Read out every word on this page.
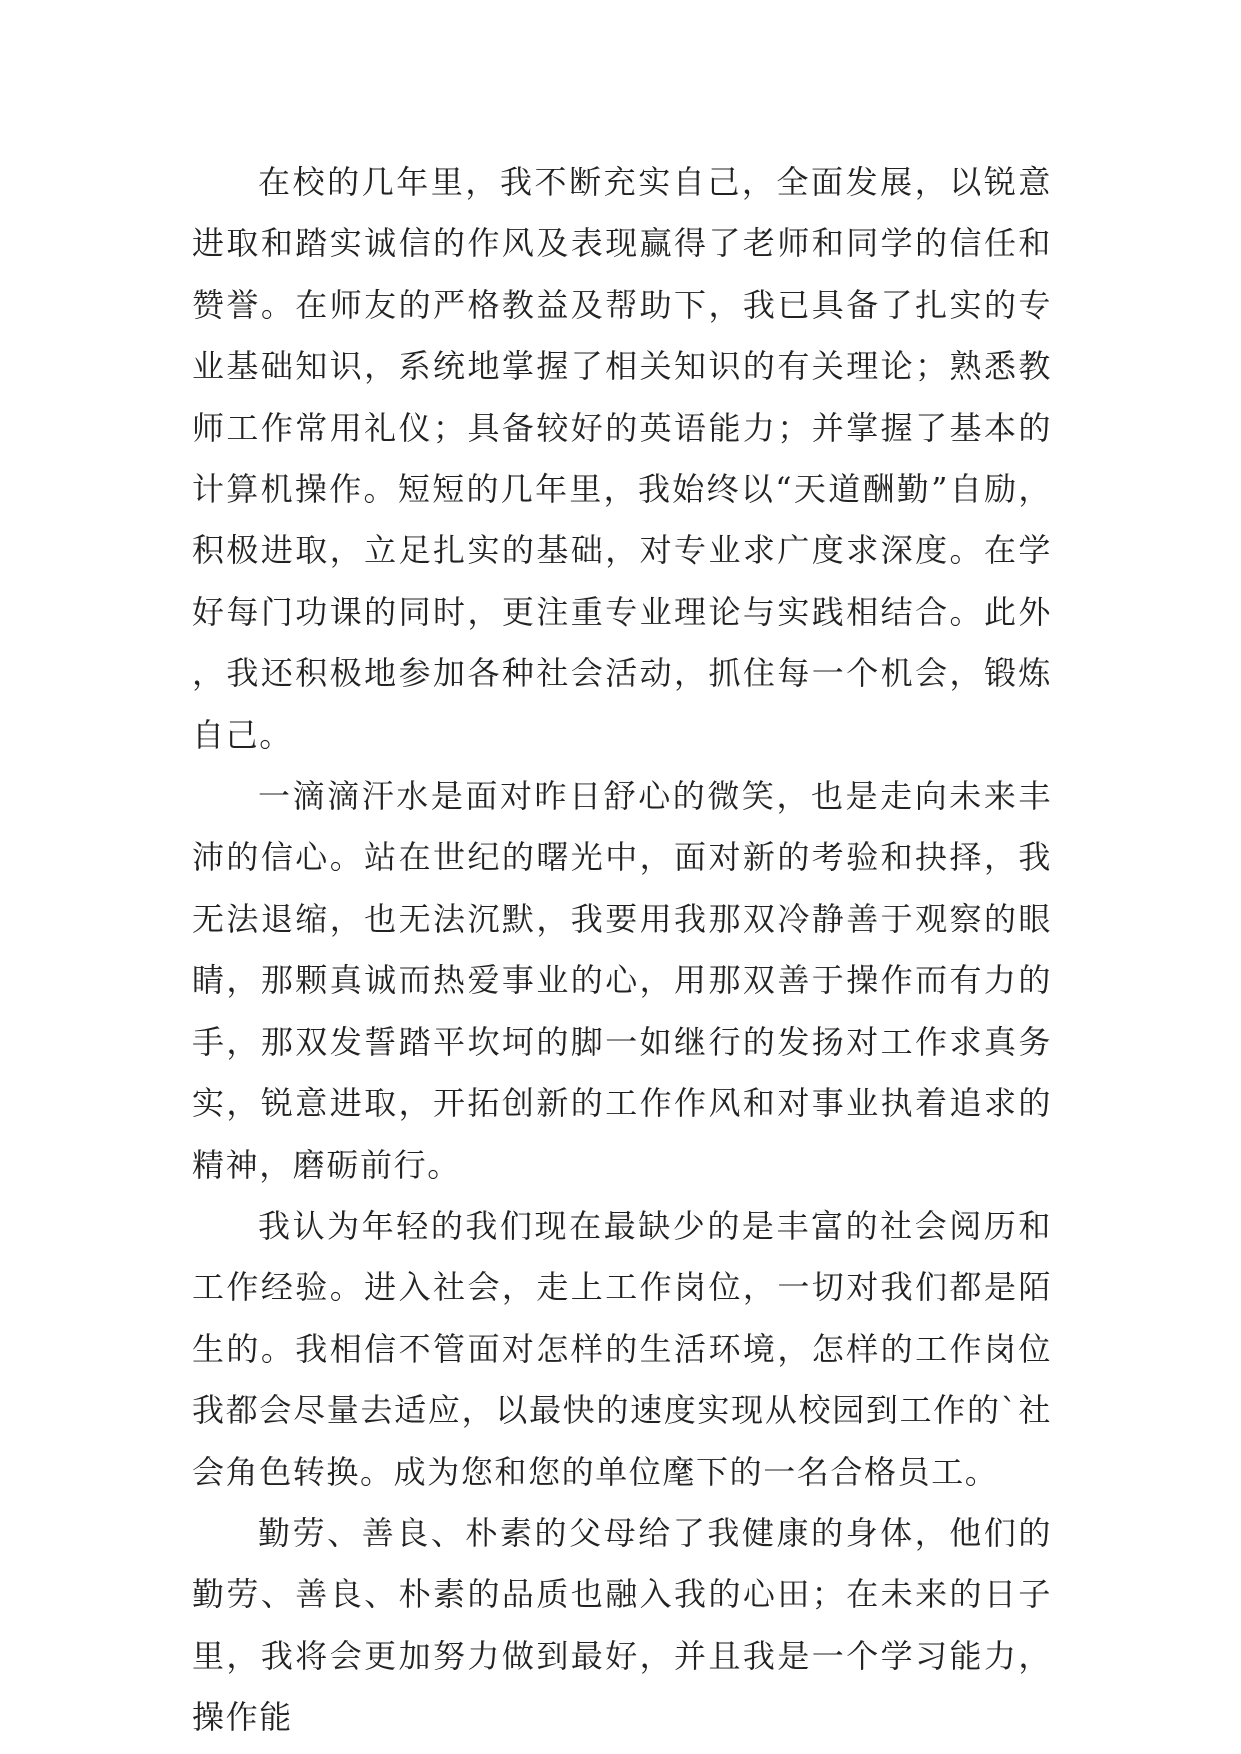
在校的几年里，我不断充实自己，全面发展，以锐意进取和踏实诚信的作风及表现赢得了老师和同学的信任和赞誉。在师友的严格教益及帮助下，我已具备了扎实的专业基础知识，系统地掌握了相关知识的有关理论；熟悉教师工作常用礼仪；具备较好的英语能力；并掌握了基本的计算机操作。短短的几年里，我始终以“天道酬勤”自励，积极进取，立足扎实的基础，对专业求广度求深度。在学好每门功课的同时，更注重专业理论与实践相结合。此外，我还积极地参加各种社会活动，抓住每一个机会，锻炼自己。

一滴滴汗水是面对昨日舒心的微笑，也是走向未来丰沛的信心。站在世纪的曙光中，面对新的考验和抉择，我无法退缩，也无法沉默，我要用我那双冷静善于观察的眼睛，那颗真诚而热爱事业的心，用那双善于操作而有力的手，那双发誓踏平坎坷的脚一如继行的发扬对工作求真务实，锐意进取，开拓创新的工作作风和对事业执着追求的精神，磨砺前行。

我认为年轻的我们现在最缺少的是丰富的社会阅历和工作经验。进入社会，走上工作岗位，一切对我们都是陌生的。我相信不管面对怎样的生活环境，怎样的工作岗位我都会尽量去适应，以最快的速度实现从校园到工作的`社会角色转换。成为您和您的单位麾下的一名合格员工。

勤劳、善良、朴素的父母给了我健康的身体，他们的勤劳、善良、朴素的品质也融入我的心田；在未来的日子里，我将会更加努力做到最好，并且我是一个学习能力，操作能
